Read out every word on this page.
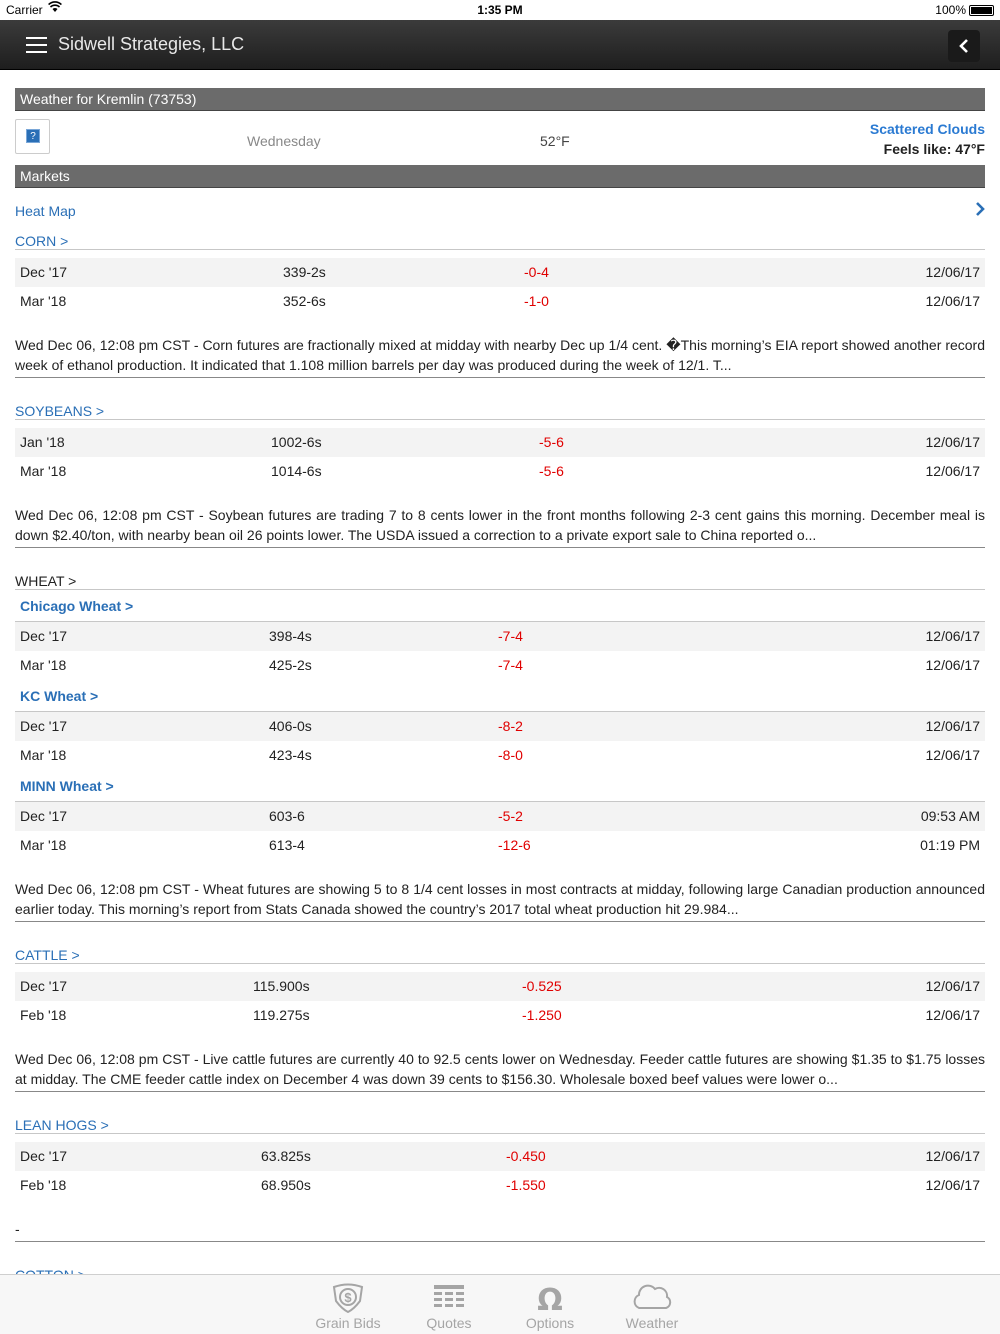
Carrier	1:35 PM	100%
Sidwell Strategies, LLC
Weather for Kremlin (73753)
?	Wednesday	52°F
Scattered Clouds
Feels like: 47°F
Markets
Heat Map
CORN >
Dec '17	339-2s	-0-4	12/06/17
Mar '18	352-6s	-1-0	12/06/17
Wed Dec 06, 12:08 pm CST - Corn futures are fractionally mixed at midday with nearby Dec up 1/4 cent. �This morning’s EIA report showed another record week of ethanol production. It indicated that 1.108 million barrels per day was produced during the week of 12/1. T...
SOYBEANS >
Jan '18	1002-6s	-5-6	12/06/17
Mar '18	1014-6s	-5-6	12/06/17
Wed Dec 06, 12:08 pm CST - Soybean futures are trading 7 to 8 cents lower in the front months following 2-3 cent gains this morning. December meal is down $2.40/ton, with nearby bean oil 26 points lower. The USDA issued a correction to a private export sale to China reported o...
WHEAT >
Chicago Wheat >
Dec '17	398-4s	-7-4	12/06/17
Mar '18	425-2s	-7-4	12/06/17
KC Wheat >
Dec '17	406-0s	-8-2	12/06/17
Mar '18	423-4s	-8-0	12/06/17
MINN Wheat >
Dec '17	603-6	-5-2	09:53 AM
Mar '18	613-4	-12-6	01:19 PM
Wed Dec 06, 12:08 pm CST - Wheat futures are showing 5 to 8 1/4 cent losses in most contracts at midday, following large Canadian production announced earlier today. This morning’s report from Stats Canada showed the country’s 2017 total wheat production hit 29.984...
CATTLE >
Dec '17	115.900s	-0.525	12/06/17
Feb '18	119.275s	-1.250	12/06/17
Wed Dec 06, 12:08 pm CST - Live cattle futures are currently 40 to 92.5 cents lower on Wednesday. Feeder cattle futures are showing $1.35 to $1.75 losses at midday. The CME feeder cattle index on December 4 was down 39 cents to $156.30. Wholesale boxed beef values were lower o...
LEAN HOGS >
Dec '17	63.825s	-0.450	12/06/17
Feb '18	68.950s	-1.550	12/06/17
-
$
Grain Bids	Quotes
Ω
Options	Weather
